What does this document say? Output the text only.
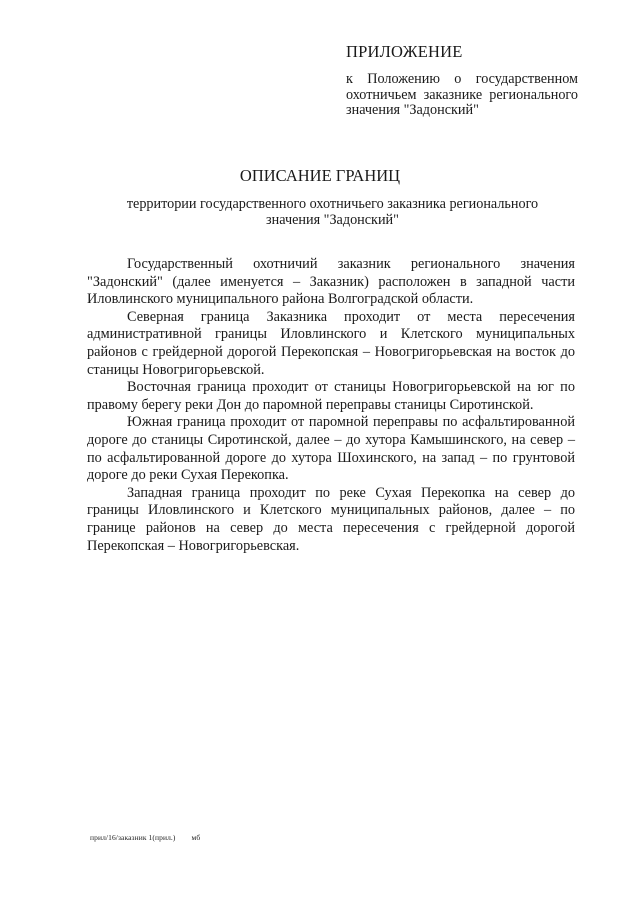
ПРИЛОЖЕНИЕ
к Положению о государственном охотничьем заказнике регионального значения "Задонский"
ОПИСАНИЕ ГРАНИЦ
территории государственного охотничьего заказника регионального значения "Задонский"

Государственный охотничий заказник регионального значения "Задонский" (далее именуется – Заказник) расположен в западной части Иловлинского муниципального района Волгоградской области.

Северная граница Заказника проходит от места пересечения административной границы Иловлинского и Клетского муниципальных районов с грейдерной дорогой Перекопская – Новогригорьевская на восток до станицы Новогригорьевской.

Восточная граница проходит от станицы Новогригорьевской на юг по правому берегу реки Дон до паромной переправы станицы Сиротинской.

Южная граница проходит от паромной переправы по асфальтированной дороге до станицы Сиротинской, далее – до хутора Камышинского, на север – по асфальтированной дороге до хутора Шохинского, на запад – по грунтовой дороге до реки Сухая Перекопка.

Западная граница проходит по реке Сухая Перекопка на север до границы Иловлинского и Клетского муниципальных районов, далее – по границе районов на север до места пересечения с грейдерной дорогой Перекопская – Новогригорьевская.

прил/16/заказник 1(прил.) мб
